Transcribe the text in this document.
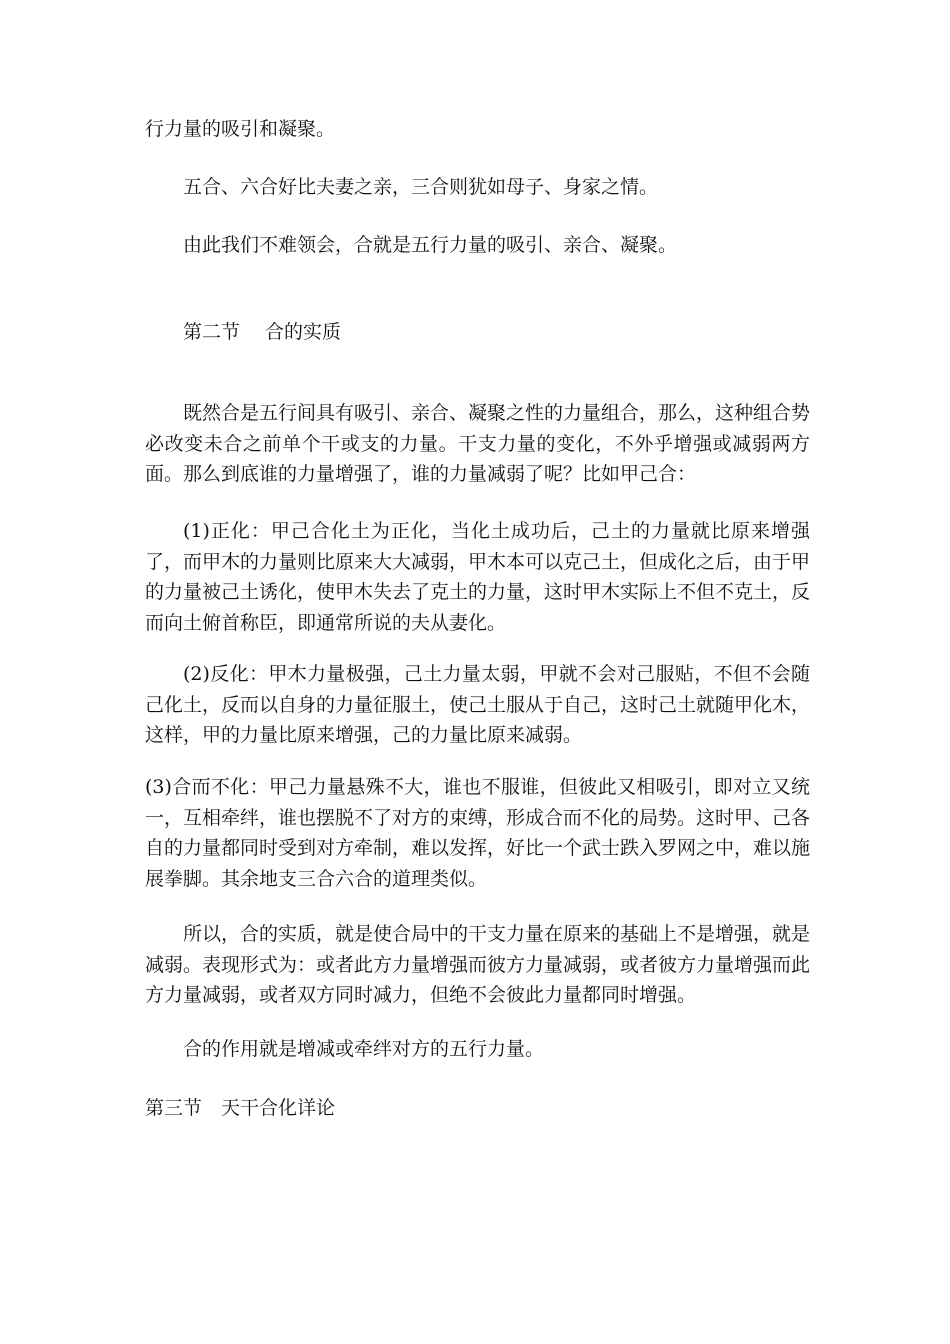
行力量的吸引和凝聚。

五合、六合好比夫妻之亲，三合则犹如母子、身家之情。

由此我们不难领会，合就是五行力量的吸引、亲合、凝聚。

第二节　 合的实质

既然合是五行间具有吸引、亲合、凝聚之性的力量组合，那么，这种组合势必改变未合之前单个干或支的力量。干支力量的变化，不外乎增强或减弱两方面。那么到底谁的力量增强了，谁的力量减弱了呢？比如甲己合：

(1)正化：甲己合化土为正化，当化土成功后，己土的力量就比原来增强了，而甲木的力量则比原来大大减弱，甲木本可以克己土，但成化之后，由于甲的力量被己土诱化，使甲木失去了克土的力量，这时甲木实际上不但不克土，反而向土俯首称臣，即通常所说的夫从妻化。

(2)反化：甲木力量极强，己土力量太弱，甲就不会对己服贴，不但不会随己化土，反而以自身的力量征服土，使己土服从于自己，这时己土就随甲化木，这样，甲的力量比原来增强，己的力量比原来减弱。

(3)合而不化：甲己力量悬殊不大，谁也不服谁，但彼此又相吸引，即对立又统一，互相牵绊，谁也摆脱不了对方的束缚，形成合而不化的局势。这时甲、己各自的力量都同时受到对方牵制，难以发挥，好比一个武士跌入罗网之中，难以施展拳脚。其余地支三合六合的道理类似。

所以，合的实质，就是使合局中的干支力量在原来的基础上不是增强，就是减弱。表现形式为：或者此方力量增强而彼方力量减弱，或者彼方力量增强而此方力量减弱，或者双方同时减力，但绝不会彼此力量都同时增强。

合的作用就是增减或牵绊对方的五行力量。

第三节　天干合化详论
